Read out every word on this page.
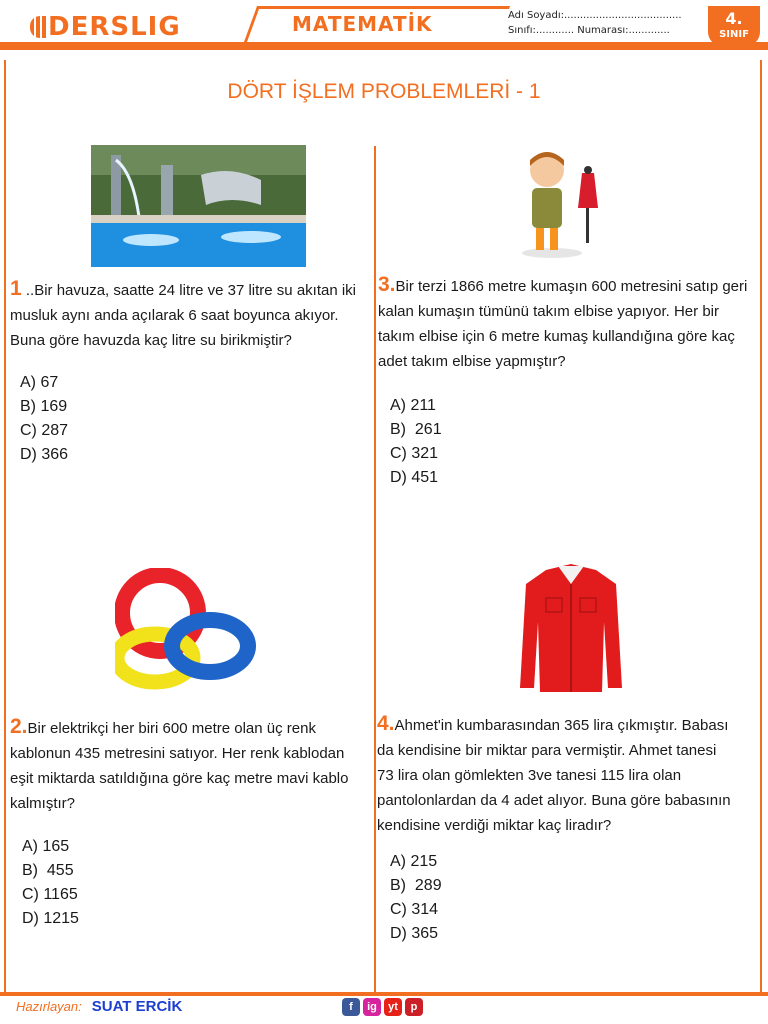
DERSLIG	MATEMATİK	Adı Soyadı:.....................................
Sınıfı:............ Numarası:.............
4.
SINIF
DÖRT İŞLEM PROBLEMLERİ - 1
1 ..Bir havuza, saatte 24 litre ve 37 litre su akıtan iki musluk aynı anda açılarak 6 saat boyunca akıyor. Buna göre havuzda kaç litre su birikmiştir?
A) 67
B) 169
C) 287
D) 366
3.Bir terzi 1866 metre kumaşın 600 metresini satıp geri kalan kumaşın tümünü takım elbise yapıyor. Her bir takım elbise için 6 metre kumaş kullandığına göre kaç adet takım elbise yapmıştır?
A) 211
B)  261
C) 321
D) 451
2.Bir elektrikçi her biri 600 metre olan üç renk kablonun 435 metresini satıyor. Her renk kablodan eşit miktarda satıldığına göre kaç metre mavi kablo kalmıştır?
A) 165
B)  455
C) 1165
D) 1215
4.Ahmet'in kumbarasından 365 lira çıkmıştır. Babası da kendisine bir miktar para vermiştir. Ahmet tanesi 73 lira olan gömlekten 3ve tanesi 115 lira olan pantolonlardan da 4 adet alıyor. Buna göre babasının kendisine verdiği miktar kaç liradır?
A) 215
B)  289
C) 314
D) 365
Hazırlayan: SUAT ERCİK	f	ig	yt	p
